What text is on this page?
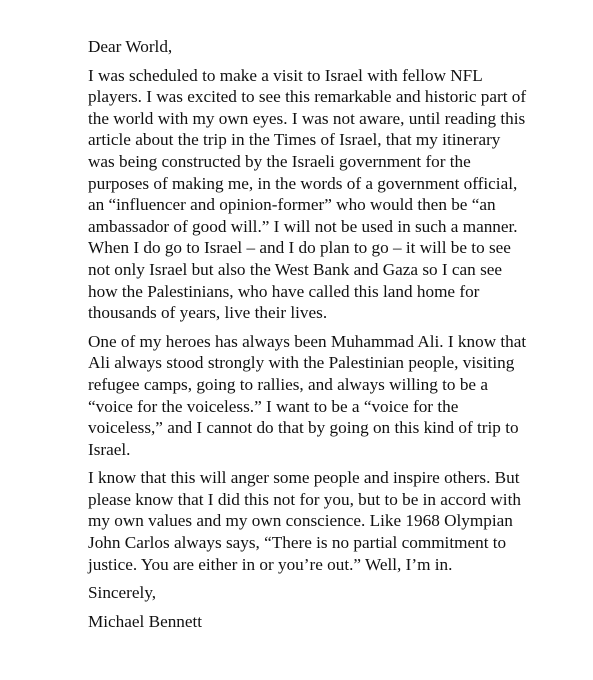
Dear World,

I was scheduled to make a visit to Israel with fellow NFL players. I was excited to see this remarkable and historic part of the world with my own eyes. I was not aware, until reading this article about the trip in the Times of Israel, that my itinerary was being constructed by the Israeli government for the purposes of making me, in the words of a government official, an “influencer and opinion-former” who would then be “an ambassador of good will.” I will not be used in such a manner. When I do go to Israel – and I do plan to go – it will be to see not only Israel but also the West Bank and Gaza so I can see how the Palestinians, who have called this land home for thousands of years, live their lives.

One of my heroes has always been Muhammad Ali. I know that Ali always stood strongly with the Palestinian people, visiting refugee camps, going to rallies, and always willing to be a “voice for the voiceless.” I want to be a “voice for the voiceless,” and I cannot do that by going on this kind of trip to Israel.

I know that this will anger some people and inspire others. But please know that I did this not for you, but to be in accord with my own values and my own conscience. Like 1968 Olympian John Carlos always says, “There is no partial commitment to justice. You are either in or you’re out.” Well, I’m in.

Sincerely,

Michael Bennett
